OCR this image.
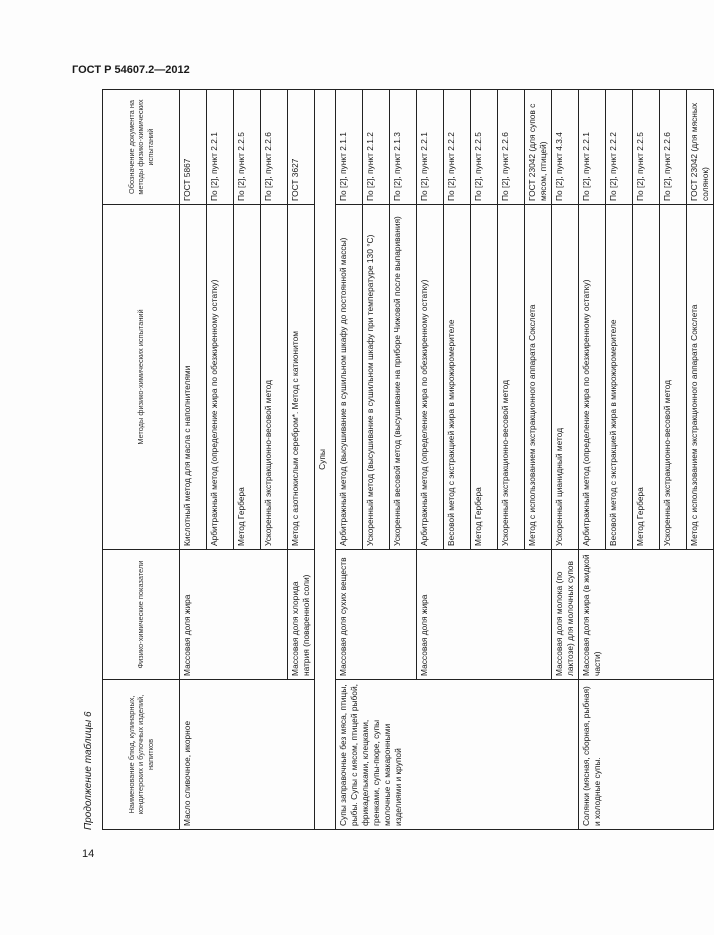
ГОСТ Р 54607.2—2012
14

Продолжение таблицы 6	Наименование блюд, кулинарных, кондитерских и булочных изделий, напитков	Физико-химические показатели	Методы физико-химических испытаний	Обозначение документа на методы физико-химических испытаний
Масло сливочное, икорное	Массовая доля жира	Кислотный метод для масла с наполнителями	ГОСТ 5867
		Арбитражный метод (определение жира по обезжиренному остатку)	По [2], пункт 2.2.1
		Метод Гербера	По [2], пункт 2.2.5
		Ускоренный экстракционно-весовой метод	По [2], пункт 2.2.6
	Массовая доля хлорида натрия (поваренной соли)	Метод с азотнокислым серебром*. Метод с катионитом	ГОСТ 3627
Супы			
Супы заправочные без мяса, птицы, рыбы. Супы с мясом, птицей рыбой, фрикадельками, клецками, гренками, супы-пюре, супы молочные с макаронными изделиями и крупой	Массовая доля сухих веществ	Арбитражный метод (высушивание в сушильном шкафу до постоянной массы)	По [2], пункт 2.1.1
		Ускоренный метод (высушивание в сушильном шкафу при температуре 130 °С)	По [2], пункт 2.1.2
		Ускоренный весовой метод (высушивание на приборе Чижовой после выпаривания)	По [2], пункт 2.1.3
	Массовая доля жира	Арбитражный метод (определение жира по обезжиренному остатку)	По [2], пункт 2.2.1
		Весовой метод с экстракцией жира в микрожиромерителе	По [2], пункт 2.2.2
		Метод Гербера	По [2], пункт 2.2.5
		Ускоренный экстракционно-весовой метод	По [2], пункт 2.2.6
		Метод с использованием экстракционного аппарата Сокслета	ГОСТ 23042 (для супов с мясом, птицей)
	Массовая доля молока (по лактозе) для молочных супов	Ускоренный цианидный метод	По [2], пункт 4.3.4
Солянки (мясная, сборная, рыбная) и холодные супы.	Массовая доля жира (в жидкой части)	Арбитражный метод (определение жира по обезжиренному остатку)	По [2], пункт 2.2.1
		Весовой метод с экстракцией жира в микрожиромерителе	По [2], пункт 2.2.2
		Метод Гербера	По [2], пункт 2.2.5
		Ускоренный экстракционно-весовой метод	По [2], пункт 2.2.6
		Метод с использованием экстракционного аппарата Сокслета	ГОСТ 23042 (для мясных солянок)
